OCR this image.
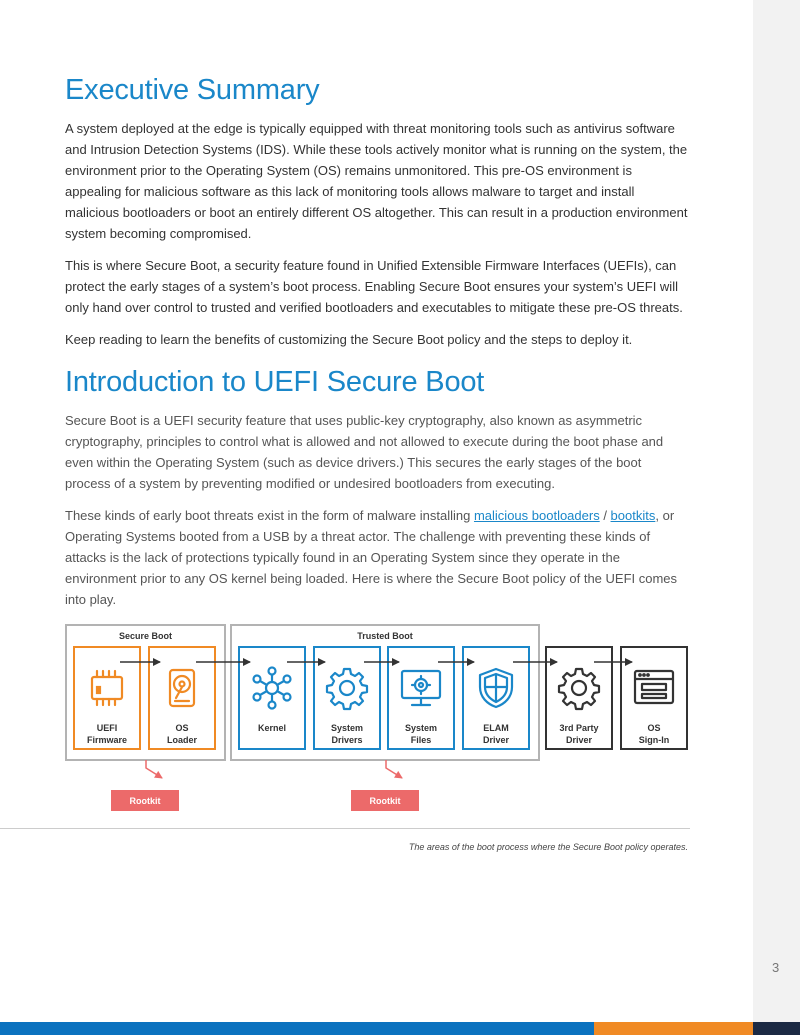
Executive Summary

A system deployed at the edge is typically equipped with threat monitoring tools such as antivirus software and Intrusion Detection Systems (IDS). While these tools actively monitor what is running on the system, the environment prior to the Operating System (OS) remains unmonitored. This pre-OS environment is appealing for malicious software as this lack of monitoring tools allows malware to target and install malicious bootloaders or boot an entirely different OS altogether. This can result in a production environment system becoming compromised.

This is where Secure Boot, a security feature found in Unified Extensible Firmware Interfaces (UEFIs), can protect the early stages of a system’s boot process. Enabling Secure Boot ensures your system’s UEFI will only hand over control to trusted and verified bootloaders and executables to mitigate these pre-OS threats.

Keep reading to learn the benefits of customizing the Secure Boot policy and the steps to deploy it.

Introduction to UEFI Secure Boot

Secure Boot is a UEFI security feature that uses public-key cryptography, also known as asymmetric cryptography, principles to control what is allowed and not allowed to execute during the boot phase and even within the Operating System (such as device drivers.) This secures the early stages of the boot process of a system by preventing modified or undesired bootloaders from executing.

These kinds of early boot threats exist in the form of malware installing malicious bootloaders / bootkits, or Operating Systems booted from a USB by a threat actor. The challenge with preventing these kinds of attacks is the lack of protections typically found in an Operating System since they operate in the environment prior to any OS kernel being loaded. Here is where the Secure Boot policy of the UEFI comes into play.

Secure Boot	Trusted Boot
UEFI
Firmware
OS
Loader
Kernel	System
Drivers
System
Files
ELAM
Driver
3rd Party
Driver
OS
Sign-In
Rootkit	Rootkit
The areas of the boot process where the Secure Boot policy operates.
3
